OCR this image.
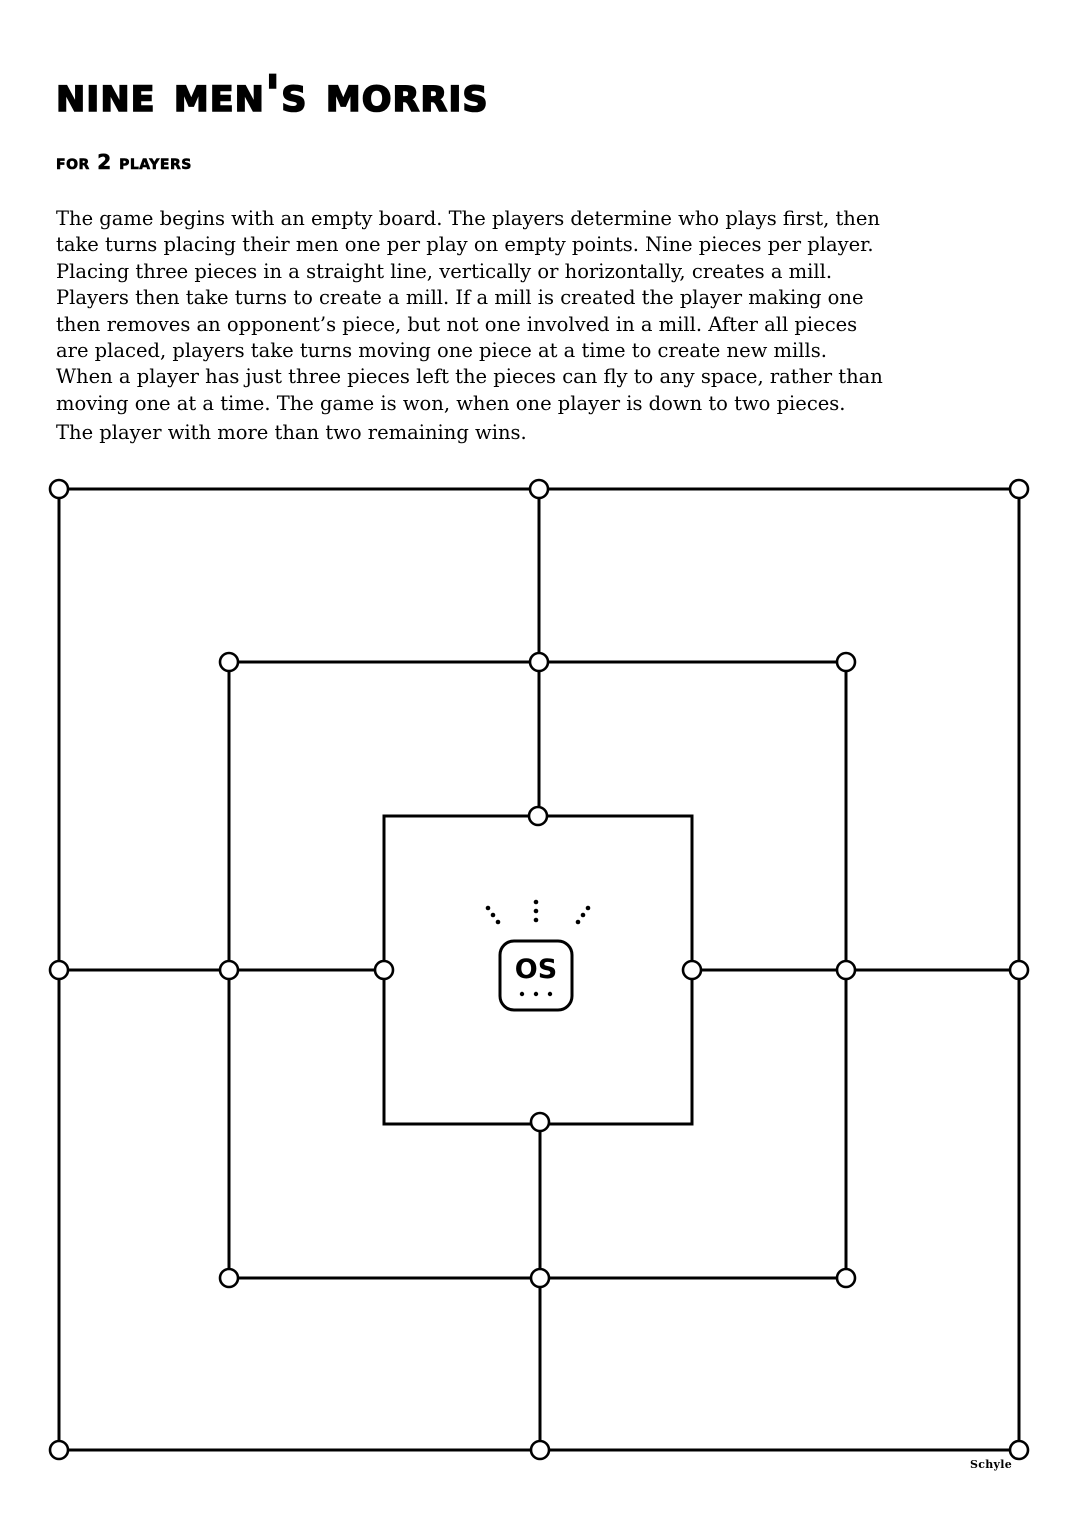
nine men's morris
for 2 players
The game begins with an empty board. The players determine who plays first, then
take turns placing their men one per play on empty points. Nine pieces per player.
Placing three pieces in a straight line, vertically or horizontally, creates a mill.
Players then take turns to create a mill. If a mill is created the player making one
then removes an opponent’s piece, but not one involved in a mill. After all pieces
are placed, players take turns moving one piece at a time to create new mills.
When a player has just three pieces left the pieces can fly to any space, rather than
moving one at a time. The game is won, when one player is down to two pieces.
The player with more than two remaining wins.
OS
Schyle
